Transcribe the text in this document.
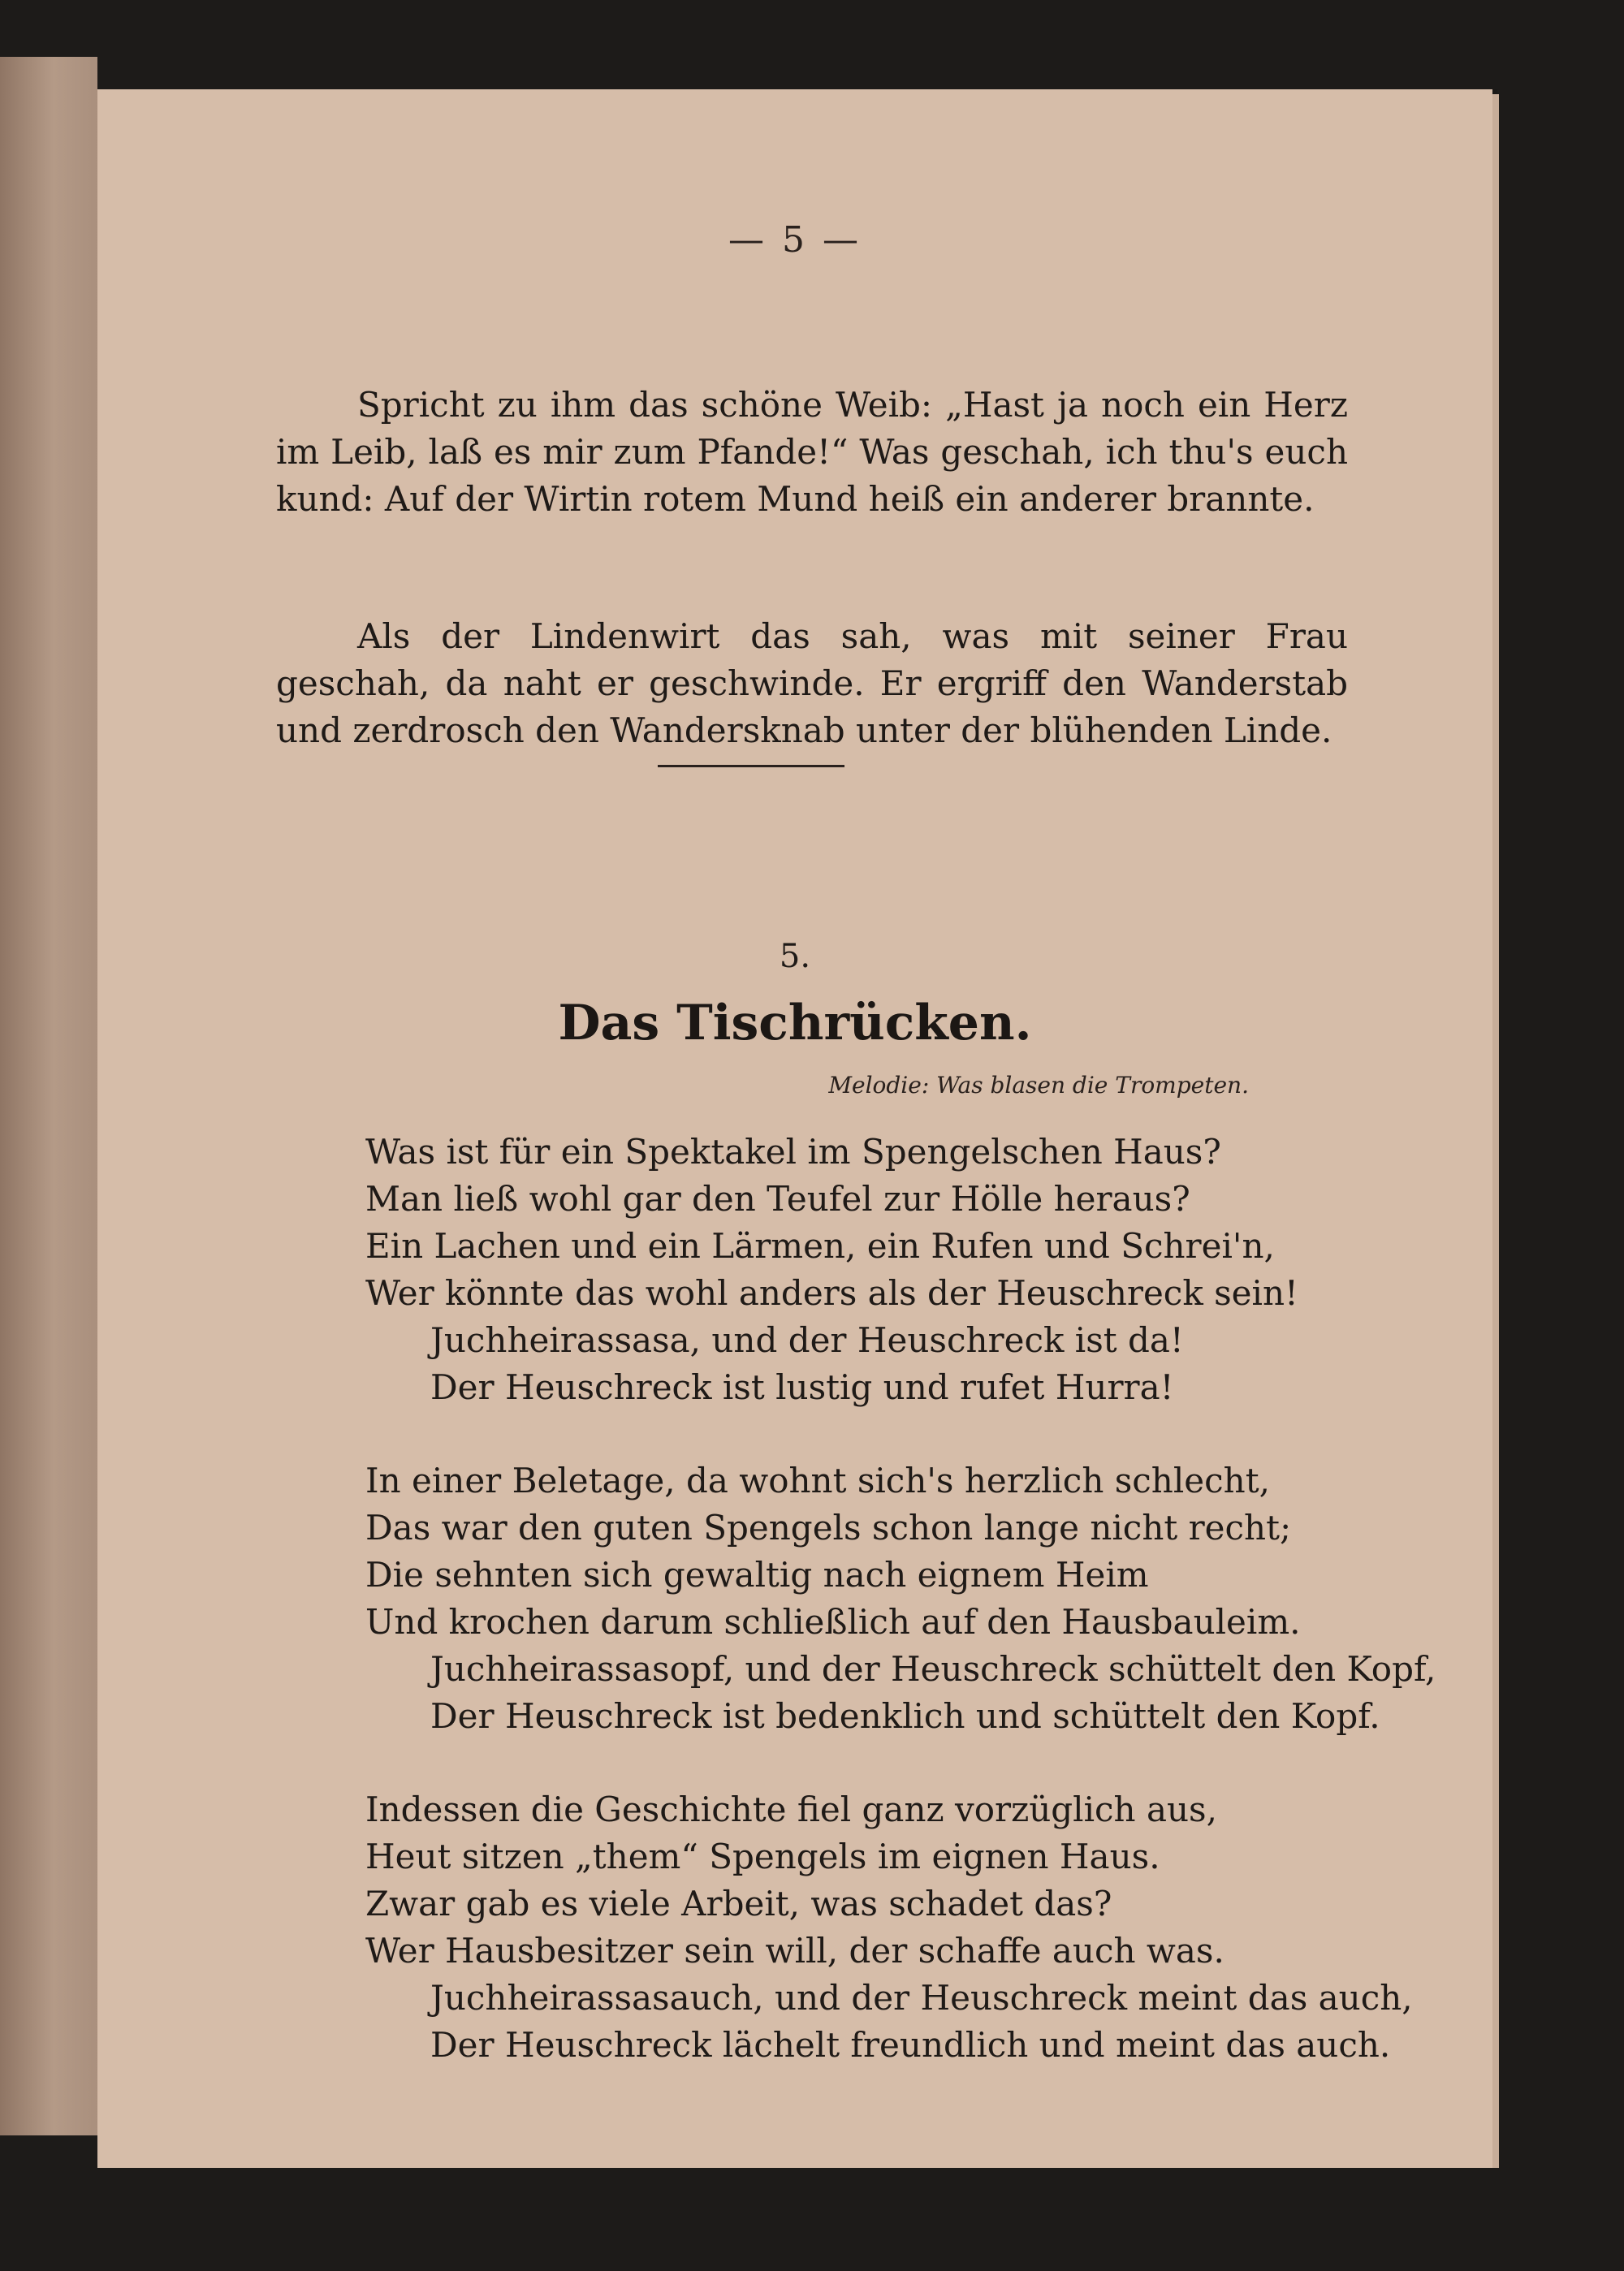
— 5 —

Spricht zu ihm das schöne Weib: „Hast ja noch ein Herz im Leib, laß es mir zum Pfande!“ Was geschah, ich thu's euch kund: Auf der Wirtin rotem Mund heiß ein anderer brannte.

Als der Lindenwirt das sah, was mit seiner Frau geschah, da naht er geschwinde. Er ergriff den Wanderstab und zerdrosch den Wandersknab unter der blühenden Linde.

5.
Das Tischrücken.
Melodie: Was blasen die Trompeten.
Was ist für ein Spektakel im Spengelschen Haus?
Man ließ wohl gar den Teufel zur Hölle heraus?
Ein Lachen und ein Lärmen, ein Rufen und Schrei'n,
Wer könnte das wohl anders als der Heuschreck sein!
Juchheirassasa, und der Heuschreck ist da!
Der Heuschreck ist lustig und rufet Hurra!
In einer Beletage, da wohnt sich's herzlich schlecht,
Das war den guten Spengels schon lange nicht recht;
Die sehnten sich gewaltig nach eignem Heim
Und krochen darum schließlich auf den Hausbauleim.
Juchheirassasopf, und der Heuschreck schüttelt den Kopf,
Der Heuschreck ist bedenklich und schüttelt den Kopf.
Indessen die Geschichte fiel ganz vorzüglich aus,
Heut sitzen „them“ Spengels im eignen Haus.
Zwar gab es viele Arbeit, was schadet das?
Wer Hausbesitzer sein will, der schaffe auch was.
Juchheirassasauch, und der Heuschreck meint das auch,
Der Heuschreck lächelt freundlich und meint das auch.
